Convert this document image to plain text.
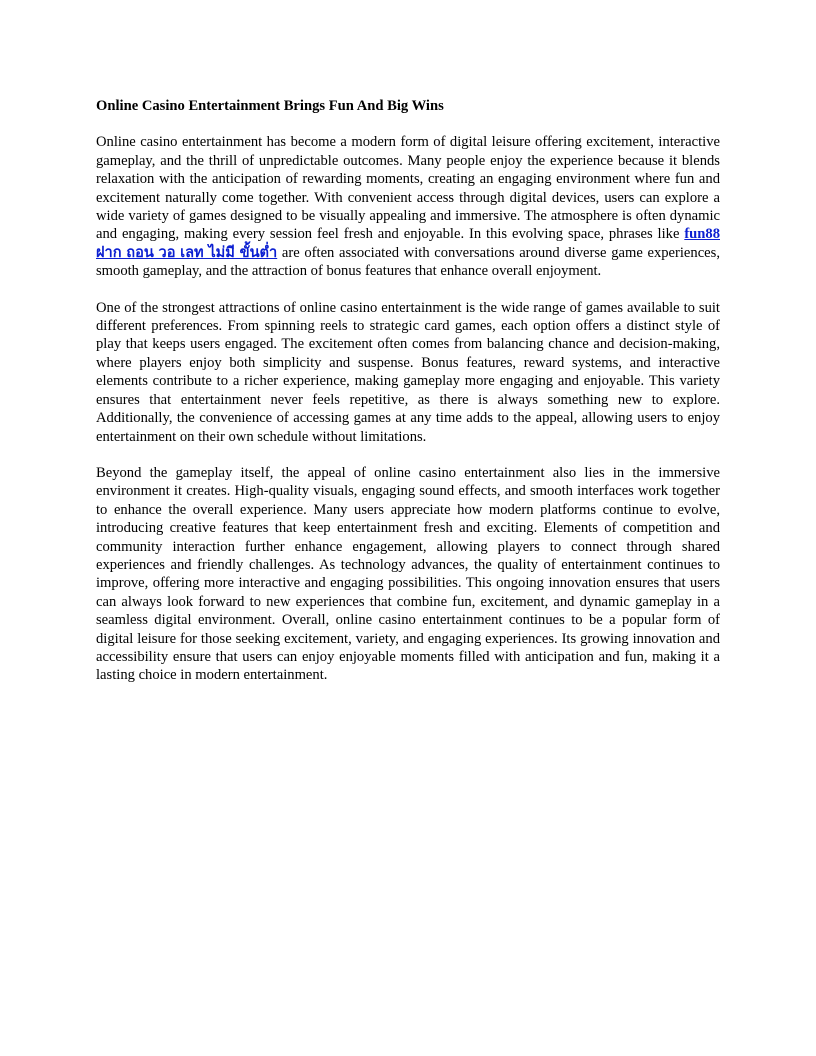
Online Casino Entertainment Brings Fun And Big Wins

Online casino entertainment has become a modern form of digital leisure offering excitement, interactive gameplay, and the thrill of unpredictable outcomes. Many people enjoy the experience because it blends relaxation with the anticipation of rewarding moments, creating an engaging environment where fun and excitement naturally come together. With convenient access through digital devices, users can explore a wide variety of games designed to be visually appealing and immersive. The atmosphere is often dynamic and engaging, making every session feel fresh and enjoyable. In this evolving space, phrases like fun88 ฝาก ถอน วอ เลท ไม่มี ขั้นต่ำ are often associated with conversations around diverse game experiences, smooth gameplay, and the attraction of bonus features that enhance overall enjoyment.

One of the strongest attractions of online casino entertainment is the wide range of games available to suit different preferences. From spinning reels to strategic card games, each option offers a distinct style of play that keeps users engaged. The excitement often comes from balancing chance and decision-making, where players enjoy both simplicity and suspense. Bonus features, reward systems, and interactive elements contribute to a richer experience, making gameplay more engaging and enjoyable. This variety ensures that entertainment never feels repetitive, as there is always something new to explore. Additionally, the convenience of accessing games at any time adds to the appeal, allowing users to enjoy entertainment on their own schedule without limitations.

Beyond the gameplay itself, the appeal of online casino entertainment also lies in the immersive environment it creates. High-quality visuals, engaging sound effects, and smooth interfaces work together to enhance the overall experience. Many users appreciate how modern platforms continue to evolve, introducing creative features that keep entertainment fresh and exciting. Elements of competition and community interaction further enhance engagement, allowing players to connect through shared experiences and friendly challenges. As technology advances, the quality of entertainment continues to improve, offering more interactive and engaging possibilities. This ongoing innovation ensures that users can always look forward to new experiences that combine fun, excitement, and dynamic gameplay in a seamless digital environment. Overall, online casino entertainment continues to be a popular form of digital leisure for those seeking excitement, variety, and engaging experiences. Its growing innovation and accessibility ensure that users can enjoy enjoyable moments filled with anticipation and fun, making it a lasting choice in modern entertainment.
